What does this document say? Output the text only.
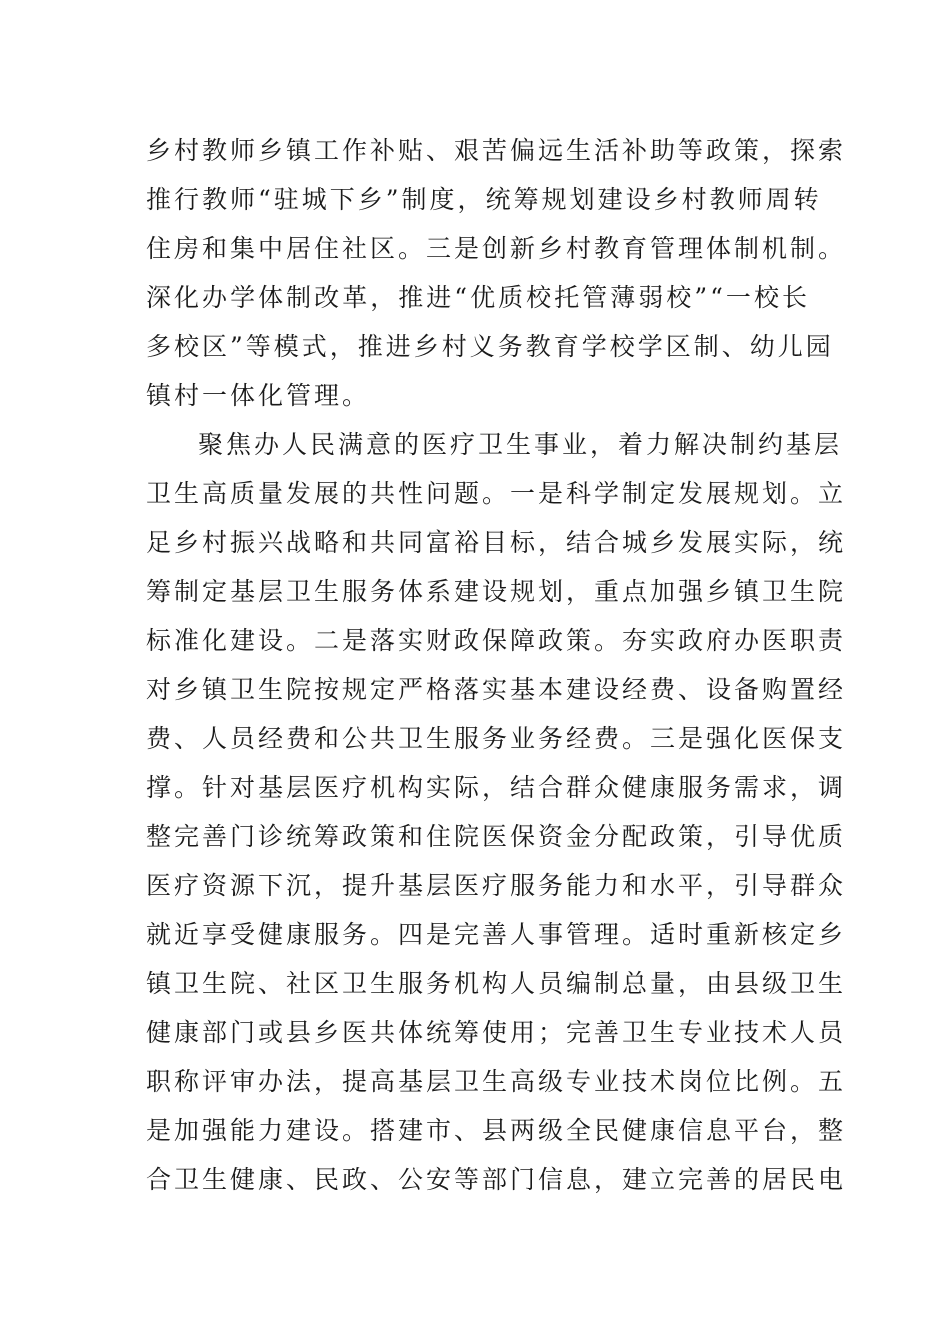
乡村教师乡镇工作补贴、艰苦偏远生活补助等政策，探索
推行教师“驻城下乡”制度，统筹规划建设乡村教师周转
住房和集中居住社区。三是创新乡村教育管理体制机制。
深化办学体制改革，推进“优质校托管薄弱校”“一校长
多校区”等模式，推进乡村义务教育学校学区制、幼儿园
镇村一体化管理。
聚焦办人民满意的医疗卫生事业，着力解决制约基层
卫生高质量发展的共性问题。一是科学制定发展规划。立
足乡村振兴战略和共同富裕目标，结合城乡发展实际，统
筹制定基层卫生服务体系建设规划，重点加强乡镇卫生院
标准化建设。二是落实财政保障政策。夯实政府办医职责
对乡镇卫生院按规定严格落实基本建设经费、设备购置经
费、人员经费和公共卫生服务业务经费。三是强化医保支
撑。针对基层医疗机构实际，结合群众健康服务需求，调
整完善门诊统筹政策和住院医保资金分配政策，引导优质
医疗资源下沉，提升基层医疗服务能力和水平，引导群众
就近享受健康服务。四是完善人事管理。适时重新核定乡
镇卫生院、社区卫生服务机构人员编制总量，由县级卫生
健康部门或县乡医共体统筹使用；完善卫生专业技术人员
职称评审办法，提高基层卫生高级专业技术岗位比例。五
是加强能力建设。搭建市、县两级全民健康信息平台，整
合卫生健康、民政、公安等部门信息，建立完善的居民电
